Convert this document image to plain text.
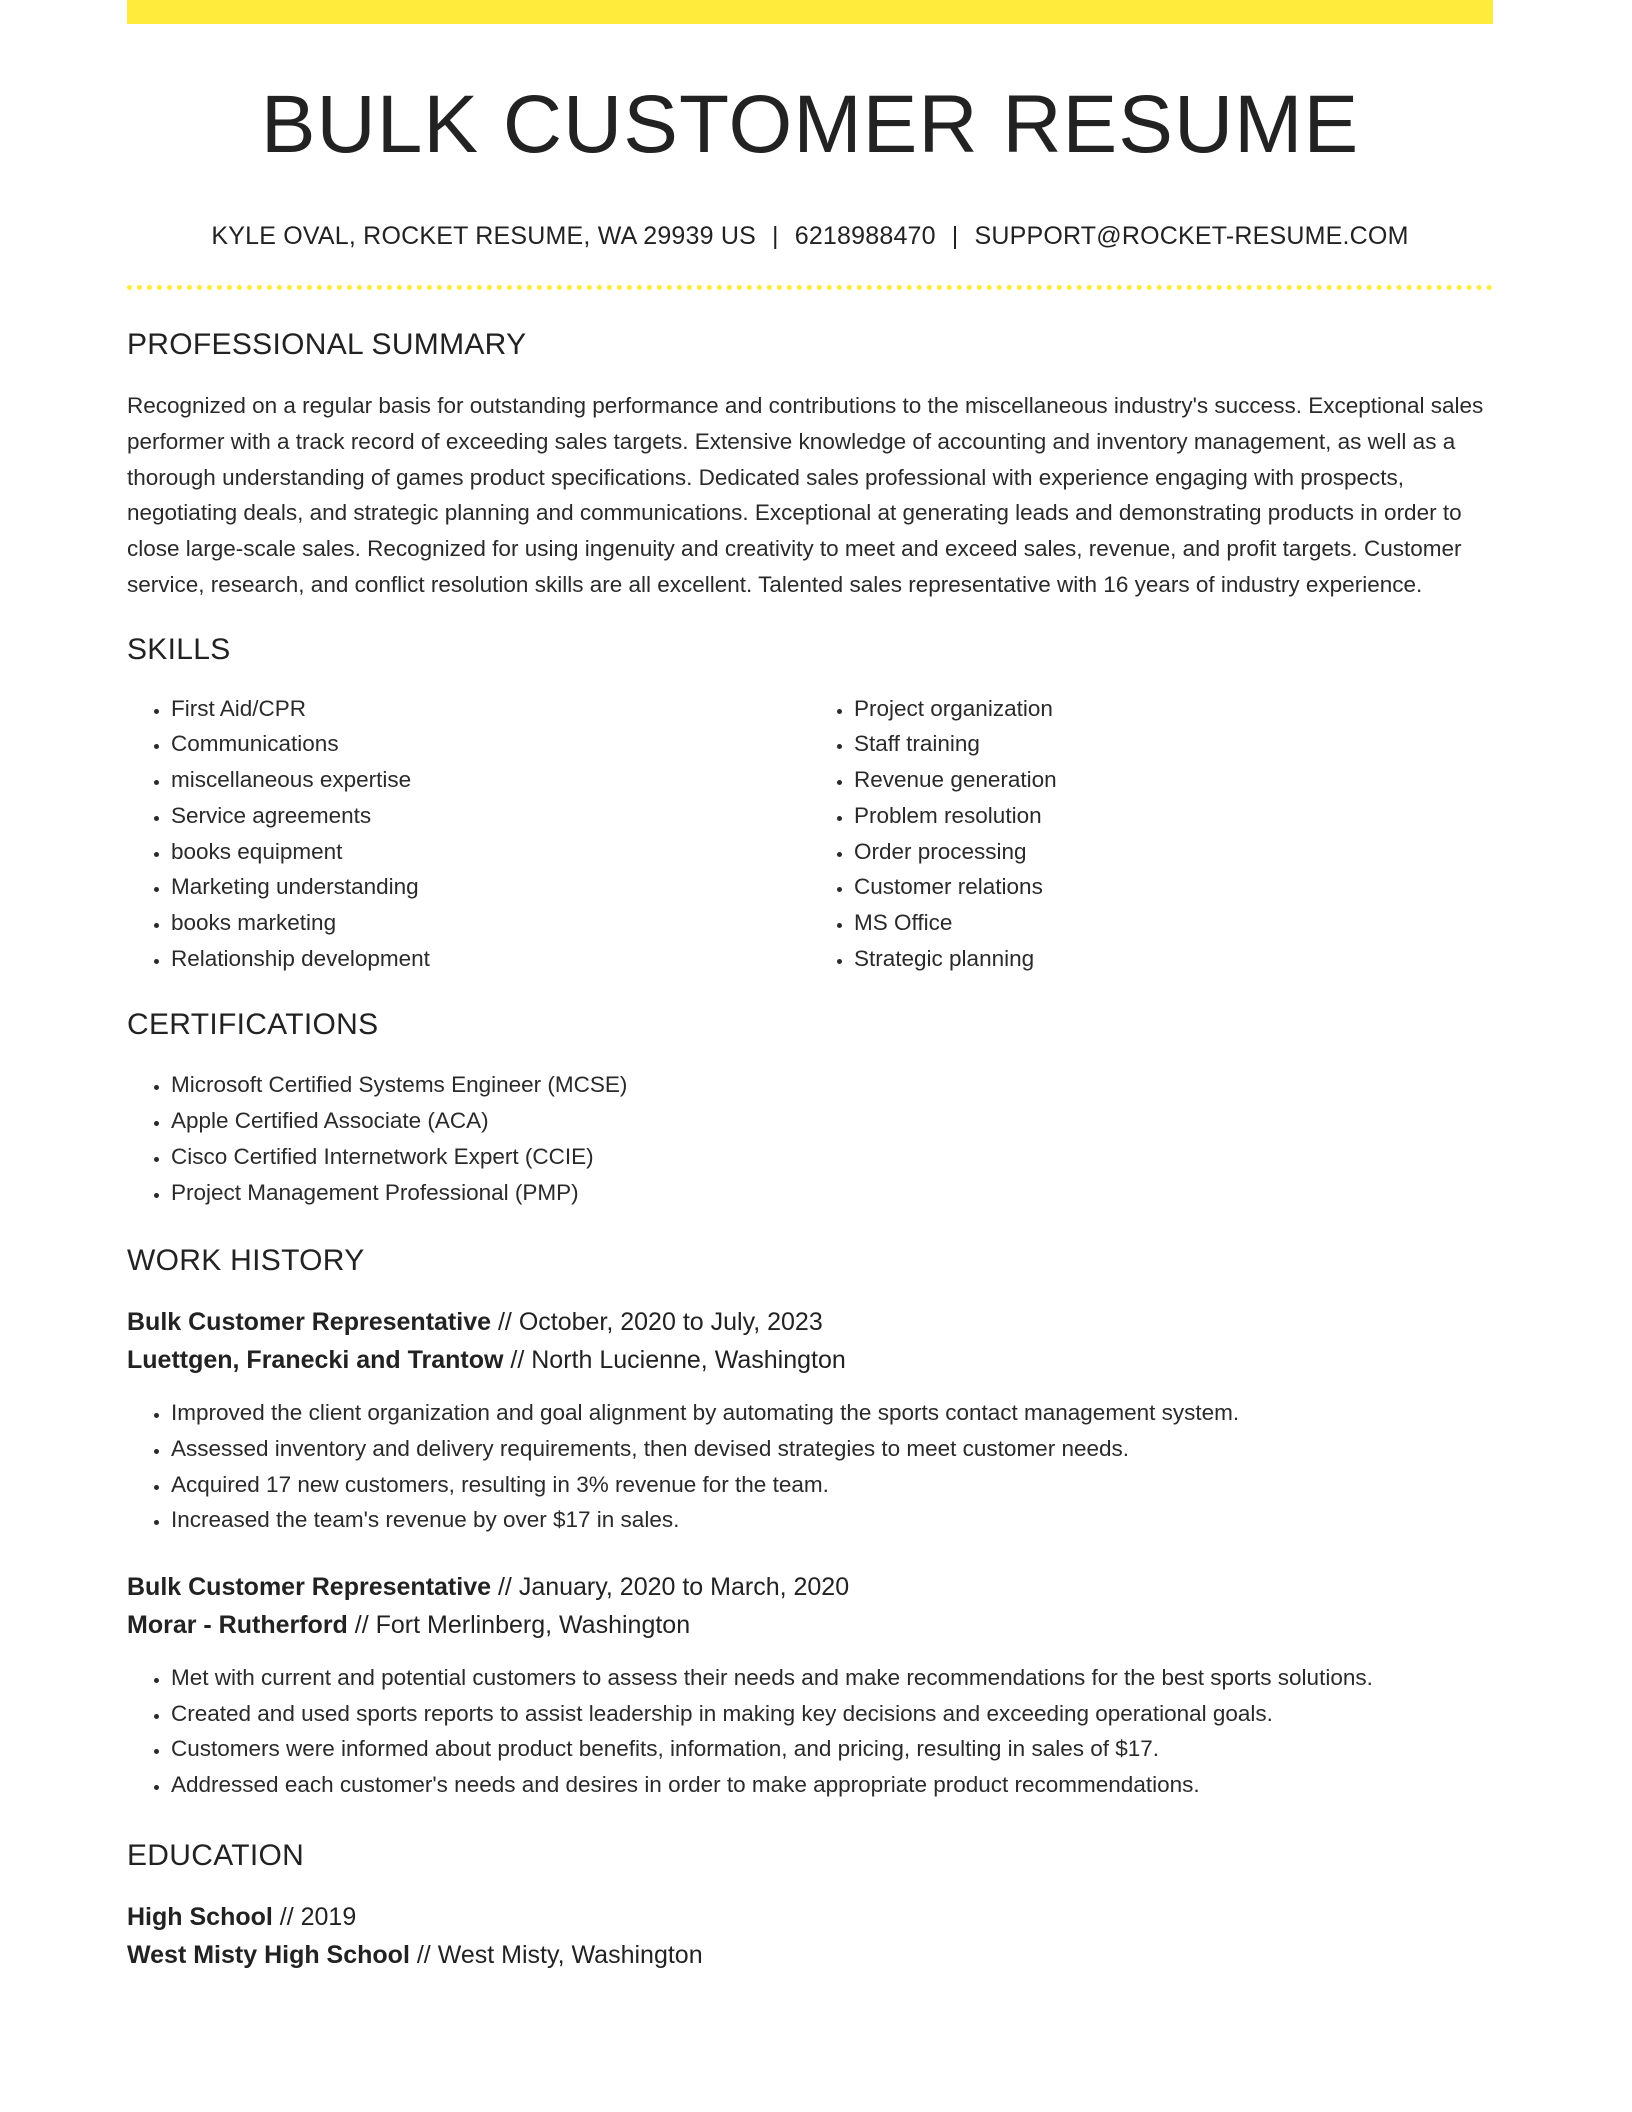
BULK CUSTOMER RESUME
KYLE OVAL, ROCKET RESUME, WA 29939 US | 6218988470 | SUPPORT@ROCKET-RESUME.COM
PROFESSIONAL SUMMARY

Recognized on a regular basis for outstanding performance and contributions to the miscellaneous industry's success. Exceptional sales performer with a track record of exceeding sales targets. Extensive knowledge of accounting and inventory management, as well as a thorough understanding of games product specifications. Dedicated sales professional with experience engaging with prospects, negotiating deals, and strategic planning and communications. Exceptional at generating leads and demonstrating products in order to close large-scale sales. Recognized for using ingenuity and creativity to meet and exceed sales, revenue, and profit targets. Customer service, research, and conflict resolution skills are all excellent. Talented sales representative with 16 years of industry experience.

SKILLS
• First Aid/CPR
• Communications
• miscellaneous expertise
• Service agreements
• books equipment
• Marketing understanding
• books marketing
• Relationship development
• Project organization
• Staff training
• Revenue generation
• Problem resolution
• Order processing
• Customer relations
• MS Office
• Strategic planning
CERTIFICATIONS
• Microsoft Certified Systems Engineer (MCSE)
• Apple Certified Associate (ACA)
• Cisco Certified Internetwork Expert (CCIE)
• Project Management Professional (PMP)
WORK HISTORY
Bulk Customer Representative // October, 2020 to July, 2023
Luettgen, Franecki and Trantow // North Lucienne, Washington
• Improved the client organization and goal alignment by automating the sports contact management system.
• Assessed inventory and delivery requirements, then devised strategies to meet customer needs.
• Acquired 17 new customers, resulting in 3% revenue for the team.
• Increased the team's revenue by over $17 in sales.
Bulk Customer Representative // January, 2020 to March, 2020
Morar - Rutherford // Fort Merlinberg, Washington
• Met with current and potential customers to assess their needs and make recommendations for the best sports solutions.
• Created and used sports reports to assist leadership in making key decisions and exceeding operational goals.
• Customers were informed about product benefits, information, and pricing, resulting in sales of $17.
• Addressed each customer's needs and desires in order to make appropriate product recommendations.
EDUCATION
High School // 2019
West Misty High School // West Misty, Washington
